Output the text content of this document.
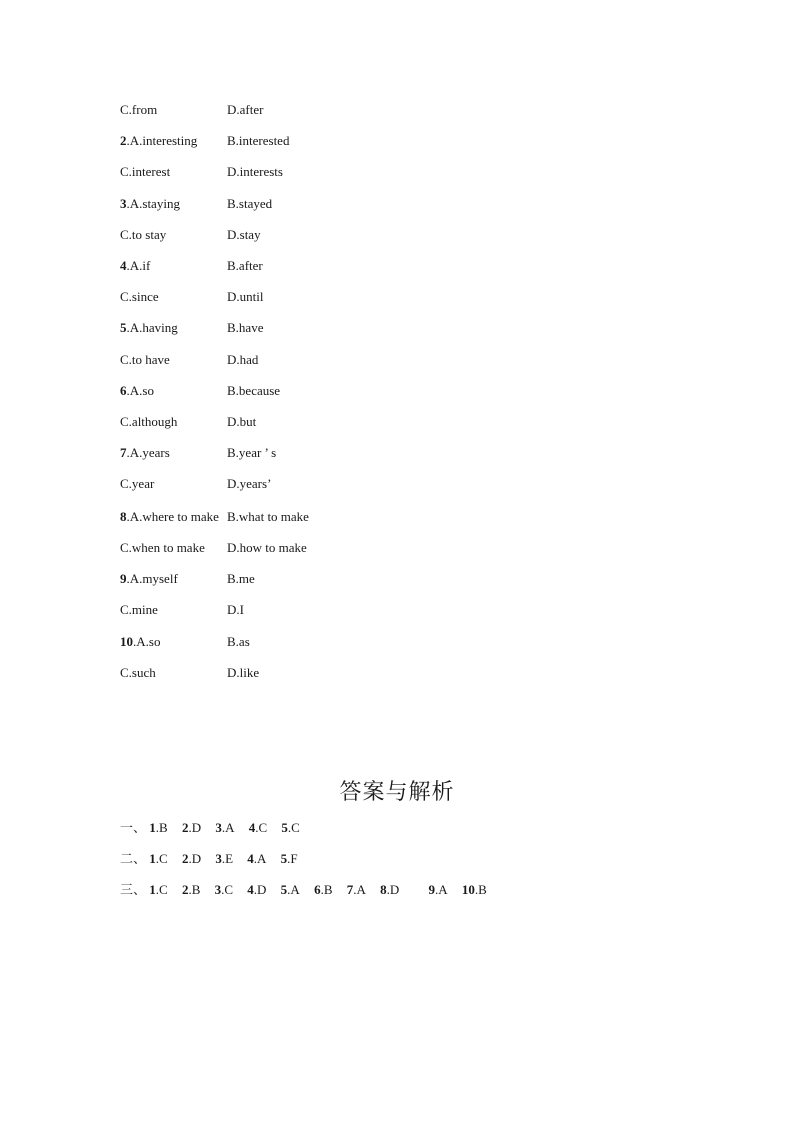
C.from	D.after
2.A.interesting B.interested
C.interest	D.interests
3.A.staying	B.stayed
C.to stay	D.stay
4.A.if	B.after
C.since	D.until
5.A.having	B.have
C.to have	D.had
6.A.so	B.because
C.although	D.but
7.A.years	B.year ’ s
C.year	D.years’
8.A.where to make B.what to make
C.when to make D.how to make
9.A.myself	B.me
C.mine	D.I
10.A.so	B.as
C.such	D.like
答案与解析
一、 1.B 2.D 3.A 4.C 5.C
二、 1.C 2.D 3.E 4.A 5.F
三、 1.C 2.B 3.C 4.D 5.A 6.B 7.A 8.D 9.A 10.B
